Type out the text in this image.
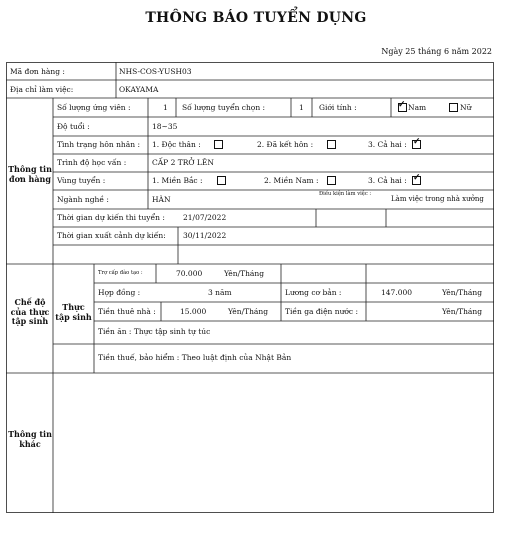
THÔNG BÁO TUYỂN DỤNG
Ngày 25 tháng 6 năm 2022
Mã đơn hàng :	NHS-COS-YUSH03
Địa chỉ làm việc:	OKAYAMA
Thông tin đơn hàng
Số lượng ứng viên :	1 Số lượng tuyển chọn :	1 Giới tính :	✓ Nam	Nữ
Độ tuổi :	18~35
Tình trạng hôn nhân : 1. Độc thân :	2. Đã kết hôn :	3. Cả hai : ✓
Trình độ học vấn :	CẤP 2 TRỞ LÊN
Vùng tuyển :	1. Miền Bắc :	2. Miền Nam :	3. Cả hai : ✓
Ngành nghề :	HÀN
Điều kiện làm việc :
Làm việc trong nhà xưởng
Thời gian dự kiến thi tuyển : 21/07/2022
Thời gian xuất cảnh dự kiến: 30/11/2022
Chế độ của thực tập sinh
Thực tập sinh
Trợ cấp đào tạo :	70.000	Yên/Tháng
Hợp đồng :	3 năm	Lương cơ bản :	147.000	Yên/Tháng
Tiền thuê nhà :	15.000	Yên/Tháng Tiền ga điện nước :	Yên/Tháng
Tiền ăn : Thực tập sinh tự túc
Tiền thuế, bảo hiểm : Theo luật định của Nhật Bản
Thông tin khác
